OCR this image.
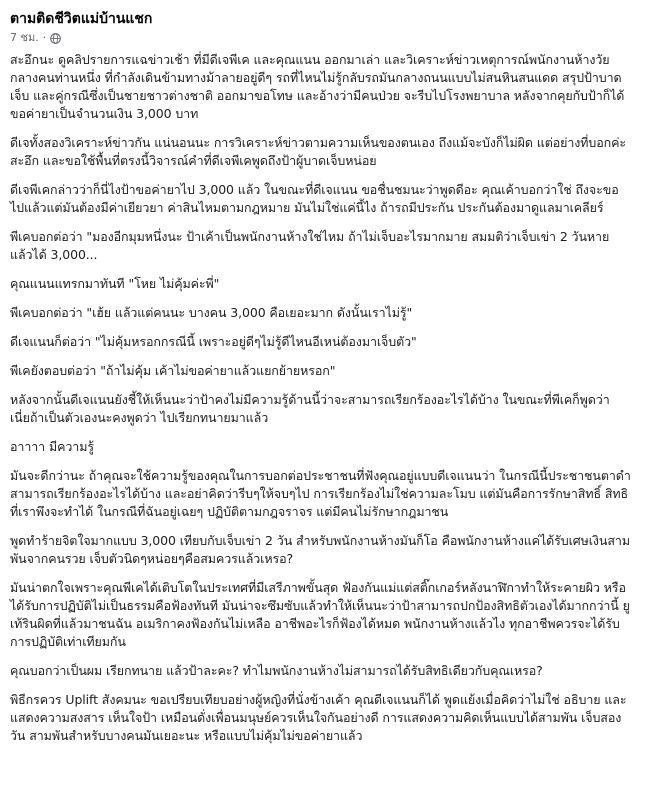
ตามติดชีวิตแม่บ้านแชก
7 ชม. ·

สะอึกนะ ดูคลิปรายการแฉข่าวเช้า ที่มีดีเจพีเค และคุณแนน ออกมาเล่า และวิเคราะห์ข่าวเหตุการณ์พนักงานห้างวัยกลางคนท่านหนึ่ง ที่กำลังเดินข้ามทางม้าลายอยู่ดีๆ รถที่ไหนไม่รู้กลับรถมันกลางถนนแบบไม่สนหินสนแดด สรุปป้าบาดเจ็บ และคู่กรณีซึ่งเป็นชายชาวต่างชาติ ออกมาขอโทษ และอ้างว่ามีคนป่วย จะรีบไปโรงพยาบาล หลังจากคุยกับป้าก็ได้ขอค่ายาเป็นจำนวนเงิน 3,000 บาท

ดีเจทั้งสองวิเคราะห์ข่าวกัน แน่นอนนะ การวิเคราะห์ข่าวตามความเห็นของตนเอง ถึงแม้จะบังก็ไม่ผิด แต่อย่างที่บอกค่ะสะอึก และขอใช้พื้นที่ตรงนี้วิจารณ์คำที่ดีเจพีเคพูดถึงป้าผู้บาดเจ็บหน่อย

ดีเจพีเคกล่าวว่าก็นี่ไงป้าขอค่ายาไป 3,000 แล้ว ในขณะที่ดีเจแนน ขอชื่นชมนะว่าพูดดีอะ คุณเค้าบอกว่าใช่ ถึงจะขอไปแล้วแต่มันต้องมีค่าเยียวยา ค่าสินไหมตามกฎหมาย มันไม่ใช่แค่นี้ไง ถ้ารถมีประกัน ประกันต้องมาดูแลมาเคลียร์

พีเคบอกต่อว่า "มองอีกมุมหนึ่งนะ ป้าเค้าเป็นพนักงานห้างใช่ไหม ถ้าไม่เจ็บอะไรมากมาย สมมติว่าเจ็บเข่า 2 วันหาย แล้วได้ 3,000...

คุณแนนแทรกมาทันที "โหย ไม่คุ้มค่ะพี่"

พีเคบอกต่อว่า "เฮ้ย แล้วแต่คนนะ บางคน 3,000 คือเยอะมาก ดังนั้นเราไม่รู้"

ดีเจแนนก็ต่อว่า "ไม่คุ้มหรอกกรณีนี้ เพราะอยู่ดีๆไม่รู้ดีไหนอีเหน่ต้องมาเจ็บตัว"

พีเคยังตอบต่อว่า "ถ้าไม่คุ้ม เค้าไม่ขอค่ายาแล้วแยกย้ายหรอก"

หลังจากนั้นดีเจแนนยังชี้ให้เห็นนะว่าป้าคงไม่มีความรู้ด้านนี้ว่าจะสามารถเรียกร้องอะไรได้บ้าง ในขณะที่พีเคก็พูดว่า เนี่ยถ้าเป็นตัวเองนะคงพูดว่า ไปเรียกทนายมาแล้ว

อาาาา มีความรู้

มันจะดีกว่านะ ถ้าคุณจะใช้ความรู้ของคุณในการบอกต่อประชาชนที่ฟังคุณอยู่แบบดีเจแนนว่า ในกรณีนี้ประชาชนตาดำสามารถเรียกร้องอะไรได้บ้าง และอย่าคิดว่ารีบๆให้จบๆไป การเรียกร้องไม่ใช่ความละโมบ แต่มันคือการรักษาสิทธิ์ สิทธิที่เราพึงจะทำได้ ในกรณีที่ฉันอยู่เฉยๆ ปฏิบัติตามกฎจราจร แต่มีคนไม่รักษากฎมาชน

พูดทำร้ายจิตใจมากแบบ 3,000 เทียบกับเจ็บเข่า 2 วัน สำหรับพนักงานห้างมันก็โอ คือพนักงานห้างแค่ได้รับเศษเงินสามพันจากคนรวย เจ็บตัวนิดๆหน่อยๆคือสมควรแล้วเหรอ?

มันน่าตกใจเพราะคุณพีเคได้เติบโตในประเทศที่มีเสรีภาพขั้นสุด ฟ้องกันแม่แต่สติ๊กเกอร์หลังนาฬิกาทำให้ระคายผิว หรือได้รับการปฏิบัติไม่เป็นธรรมคือฟ้องทันที มันน่าจะซึมซับแล้วทำให้เห็นนะว่าป้าสามารถปกป้องสิทธิตัวเองได้มากกว่านี้ ยูเท้รินผิดที่แล้วมาชนฉัน อเมริกาคงฟ้องกันไม่เหลือ อาชีพอะไรก็ฟ้องได้หมด พนักงานห้างแล้วไง ทุกอาชีพควรจะได้รับการปฏิบัติเท่าเทียมกัน

คุณบอกว่าเป็นผม เรียกทนาย แล้วป้าละคะ? ทำไมพนักงานห้างไม่สามารถได้รับสิทธิเดียวกับคุณเหรอ?

พิธีกรควร Uplift สังคมนะ ขอเปรียบเทียบอย่างผู้หญิงที่นั่งข้างเค้า คุณดีเจแนนก็ได้ พูดแย้งเมื่อคิดว่าไม่ใช่ อธิบาย และแสดงความสงสาร เห็นใจป้า เหมือนดั่งเพื่อนมนุษย์ควรเห็นใจกันอย่างดี การแสดงความคิดเห็นแบบได้สามพัน เจ็บสองวัน สามพันสำหรับบางคนมันเยอะนะ หรือแบบไม่คุ้มไม่ขอค่ายาแล้ว
